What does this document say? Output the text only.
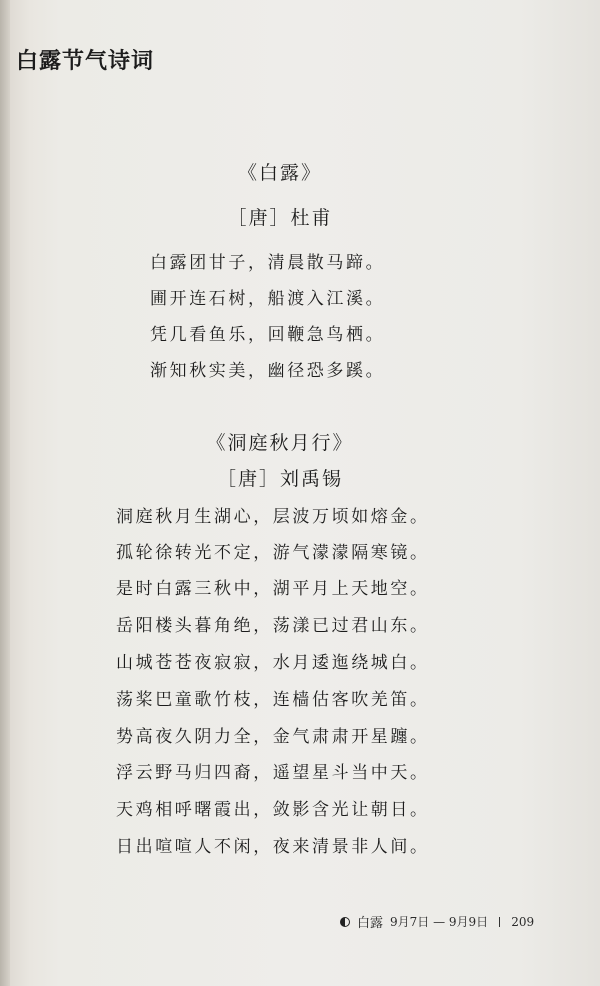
白露节气诗词
《白露》
［唐］杜甫
白露团甘子，清晨散马蹄。
圃开连石树，船渡入江溪。
凭几看鱼乐，回鞭急鸟栖。
渐知秋实美，幽径恐多蹊。
《洞庭秋月行》
［唐］刘禹锡
洞庭秋月生湖心，层波万顷如熔金。
孤轮徐转光不定，游气濛濛隔寒镜。
是时白露三秋中，湖平月上天地空。
岳阳楼头暮角绝，荡漾已过君山东。
山城苍苍夜寂寂，水月逶迤绕城白。
荡桨巴童歌竹枝，连樯估客吹羌笛。
势高夜久阴力全，金气肃肃开星躔。
浮云野马归四裔，遥望星斗当中天。
天鸡相呼曙霞出，敛影含光让朝日。
日出喧喧人不闲，夜来清景非人间。
白露 9月7日 — 9月9日 209
